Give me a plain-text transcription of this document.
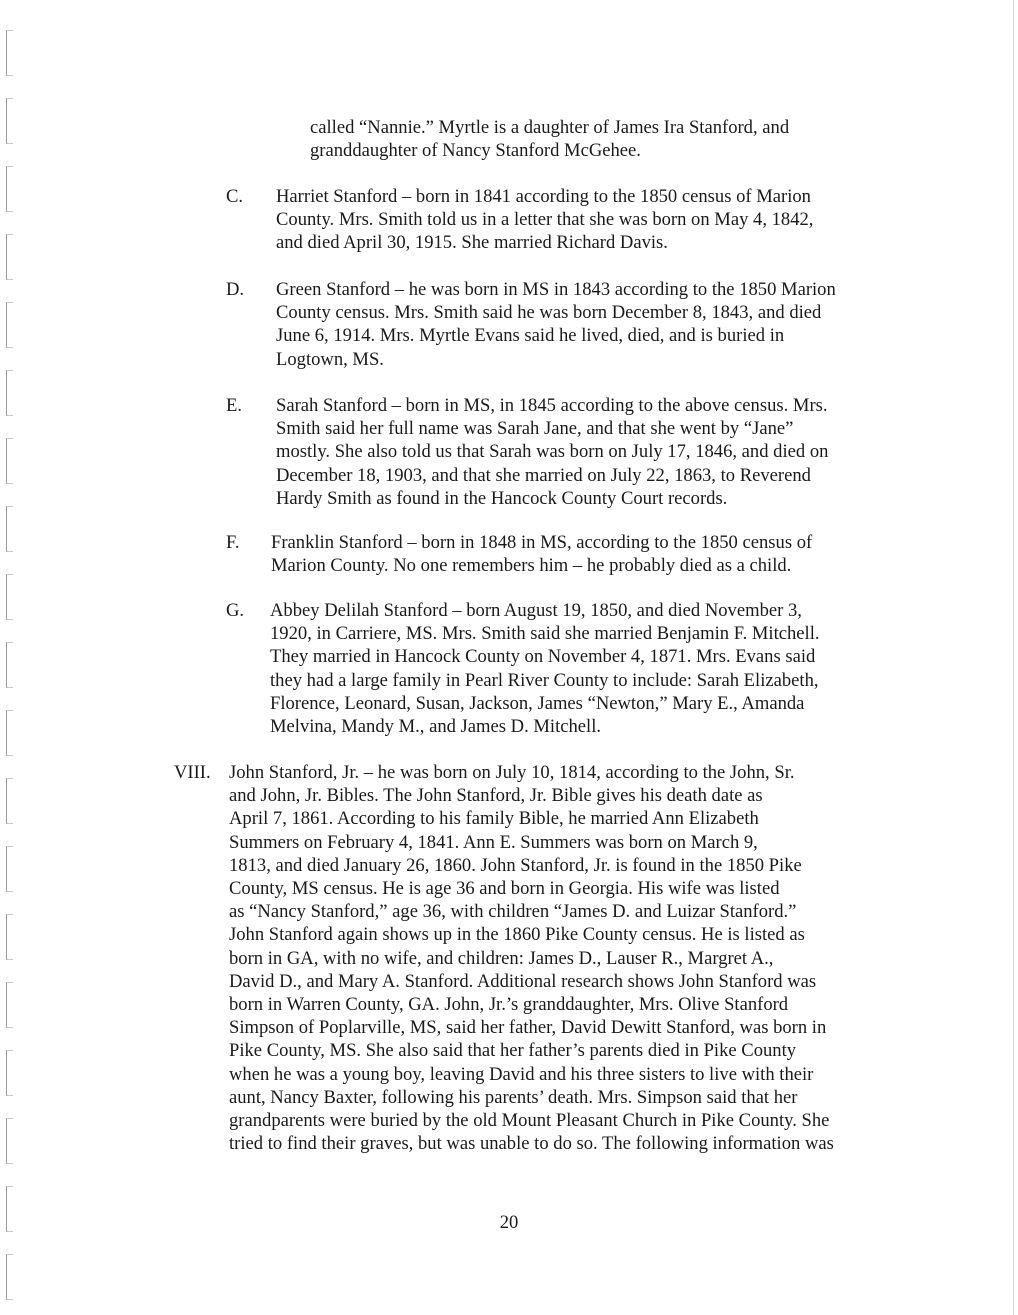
called “Nannie.” Myrtle is a daughter of James Ira Stanford, and
granddaughter of Nancy Stanford McGehee.
C. Harriet Stanford – born in 1841 according to the 1850 census of Marion
County. Mrs. Smith told us in a letter that she was born on May 4, 1842,
and died April 30, 1915. She married Richard Davis.
D. Green Stanford – he was born in MS in 1843 according to the 1850 Marion
County census. Mrs. Smith said he was born December 8, 1843, and died
June 6, 1914. Mrs. Myrtle Evans said he lived, died, and is buried in
Logtown, MS.
E. Sarah Stanford – born in MS, in 1845 according to the above census. Mrs.
Smith said her full name was Sarah Jane, and that she went by “Jane”
mostly. She also told us that Sarah was born on July 17, 1846, and died on
December 18, 1903, and that she married on July 22, 1863, to Reverend
Hardy Smith as found in the Hancock County Court records.
F. Franklin Stanford – born in 1848 in MS, according to the 1850 census of
Marion County. No one remembers him – he probably died as a child.
G. Abbey Delilah Stanford – born August 19, 1850, and died November 3,
1920, in Carriere, MS. Mrs. Smith said she married Benjamin F. Mitchell.
They married in Hancock County on November 4, 1871. Mrs. Evans said
they had a large family in Pearl River County to include: Sarah Elizabeth,
Florence, Leonard, Susan, Jackson, James “Newton,” Mary E., Amanda
Melvina, Mandy M., and James D. Mitchell.
VIII. John Stanford, Jr. – he was born on July 10, 1814, according to the John, Sr.
and John, Jr. Bibles. The John Stanford, Jr. Bible gives his death date as
April 7, 1861. According to his family Bible, he married Ann Elizabeth
Summers on February 4, 1841. Ann E. Summers was born on March 9,
1813, and died January 26, 1860. John Stanford, Jr. is found in the 1850 Pike
County, MS census. He is age 36 and born in Georgia. His wife was listed
as “Nancy Stanford,” age 36, with children “James D. and Luizar Stanford.”
John Stanford again shows up in the 1860 Pike County census. He is listed as
born in GA, with no wife, and children: James D., Lauser R., Margret A.,
David D., and Mary A. Stanford. Additional research shows John Stanford was
born in Warren County, GA. John, Jr.’s granddaughter, Mrs. Olive Stanford
Simpson of Poplarville, MS, said her father, David Dewitt Stanford, was born in
Pike County, MS. She also said that her father’s parents died in Pike County
when he was a young boy, leaving David and his three sisters to live with their
aunt, Nancy Baxter, following his parents’ death. Mrs. Simpson said that her
grandparents were buried by the old Mount Pleasant Church in Pike County. She
tried to find their graves, but was unable to do so. The following information was
20
